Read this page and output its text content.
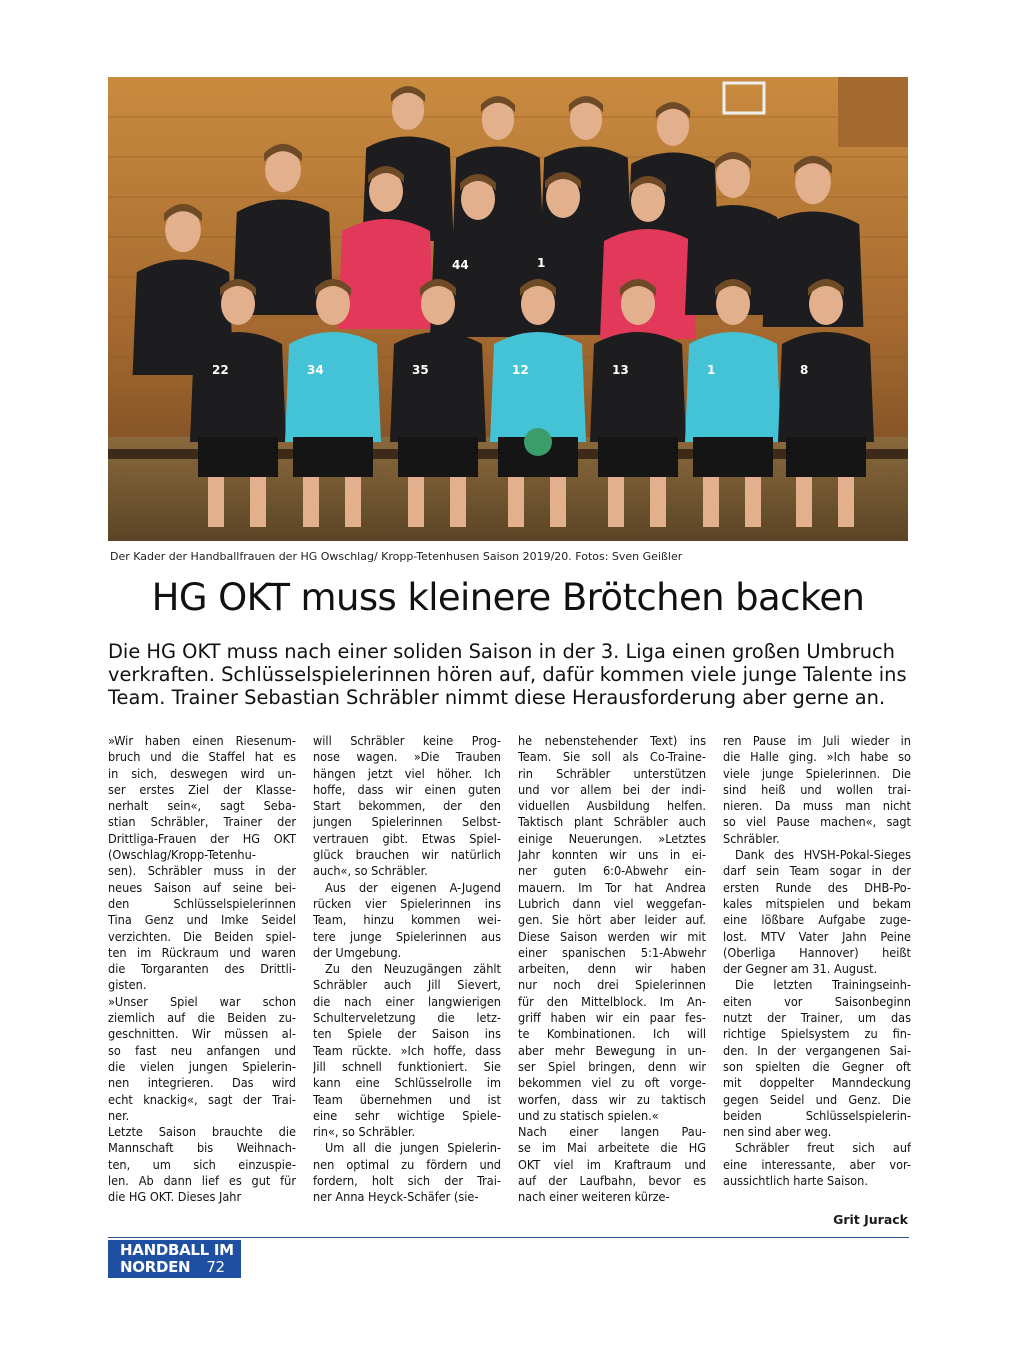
44	1
22	34	35	12	13	1	8
Der Kader der Handballfrauen der HG Owschlag/ Kropp-Tetenhusen Saison 2019/20. Fotos: Sven Geißler
HG OKT muss kleinere Brötchen backen

Die HG OKT muss nach einer soliden Saison in der 3. Liga einen großen Umbruch
verkraften. Schlüsselspielerinnen hören auf, dafür kommen viele junge Talente ins
Team. Trainer Sebastian Schräbler nimmt diese Herausforderung aber gerne an.

»Wir haben einen Riesenum-
bruch und die Staffel hat es
in sich, deswegen wird un-
ser erstes Ziel der Klasse-
nerhalt sein«, sagt Seba-
stian Schräbler, Trainer der
Drittliga-Frauen der HG OKT
(Owschlag/Kropp-Tetenhu-
sen). Schräbler muss in der
neues Saison auf seine bei-
den Schlüsselspielerinnen
Tina Genz und Imke Seidel
verzichten. Die Beiden spiel-
ten im Rückraum und waren
die Torgaranten des Drittli-
gisten.
»Unser Spiel war schon
ziemlich auf die Beiden zu-
geschnitten. Wir müssen al-
so fast neu anfangen und
die vielen jungen Spielerin-
nen integrieren. Das wird
echt knackig«, sagt der Trai-
ner.
Letzte Saison brauchte die
Mannschaft bis Weihnach-
ten, um sich einzuspie-
len. Ab dann lief es gut für
die HG OKT. Dieses Jahr
will Schräbler keine Prog-
nose wagen. »Die Trauben
hängen jetzt viel höher. Ich
hoffe, dass wir einen guten
Start bekommen, der den
jungen Spielerinnen Selbst-
vertrauen gibt. Etwas Spiel-
glück brauchen wir natürlich
auch«, so Schräbler.
Aus der eigenen A-Jugend
rücken vier Spielerinnen ins
Team, hinzu kommen wei-
tere junge Spielerinnen aus
der Umgebung.
Zu den Neuzugängen zählt
Schräbler auch Jill Sievert,
die nach einer langwierigen
Schulterveletzung die letz-
ten Spiele der Saison ins
Team rückte. »Ich hoffe, dass
Jill schnell funktioniert. Sie
kann eine Schlüsselrolle im
Team übernehmen und ist
eine sehr wichtige Spiele-
rin«, so Schräbler.
Um all die jungen Spielerin-
nen optimal zu fördern und
fordern, holt sich der Trai-
ner Anna Heyck-Schäfer (sie-
he nebenstehender Text) ins
Team. Sie soll als Co-Traine-
rin Schräbler unterstützen
und vor allem bei der indi-
viduellen Ausbildung helfen.
Taktisch plant Schräbler auch
einige Neuerungen. »Letztes
Jahr konnten wir uns in ei-
ner guten 6:0-Abwehr ein-
mauern. Im Tor hat Andrea
Lubrich dann viel weggefan-
gen. Sie hört aber leider auf.
Diese Saison werden wir mit
einer spanischen 5:1-Abwehr
arbeiten, denn wir haben
nur noch drei Spielerinnen
für den Mittelblock. Im An-
griff haben wir ein paar fes-
te Kombinationen. Ich will
aber mehr Bewegung in un-
ser Spiel bringen, denn wir
bekommen viel zu oft vorge-
worfen, dass wir zu taktisch
und zu statisch spielen.«
Nach einer langen Pau-
se im Mai arbeitete die HG
OKT viel im Kraftraum und
auf der Laufbahn, bevor es
nach einer weiteren kürze-
ren Pause im Juli wieder in
die Halle ging. »Ich habe so
viele junge Spielerinnen. Die
sind heiß und wollen trai-
nieren. Da muss man nicht
so viel Pause machen«, sagt
Schräbler.
Dank des HVSH-Pokal-Sieges
darf sein Team sogar in der
ersten Runde des DHB-Po-
kales mitspielen und bekam
eine lößbare Aufgabe zuge-
lost. MTV Vater Jahn Peine
(Oberliga Hannover) heißt
der Gegner am 31. August.
Die letzten Trainingseinh-
eiten vor Saisonbeginn
nutzt der Trainer, um das
richtige Spielsystem zu fin-
den. In der vergangenen Sai-
son spielten die Gegner oft
mit doppelter Manndeckung
gegen Seidel und Genz. Die
beiden Schlüsselspielerin-
nen sind aber weg.
Schräbler freut sich auf
eine interessante, aber vor-
aussichtlich harte Saison.
Grit Jurack
HANDBALL IM
NORDEN 72
